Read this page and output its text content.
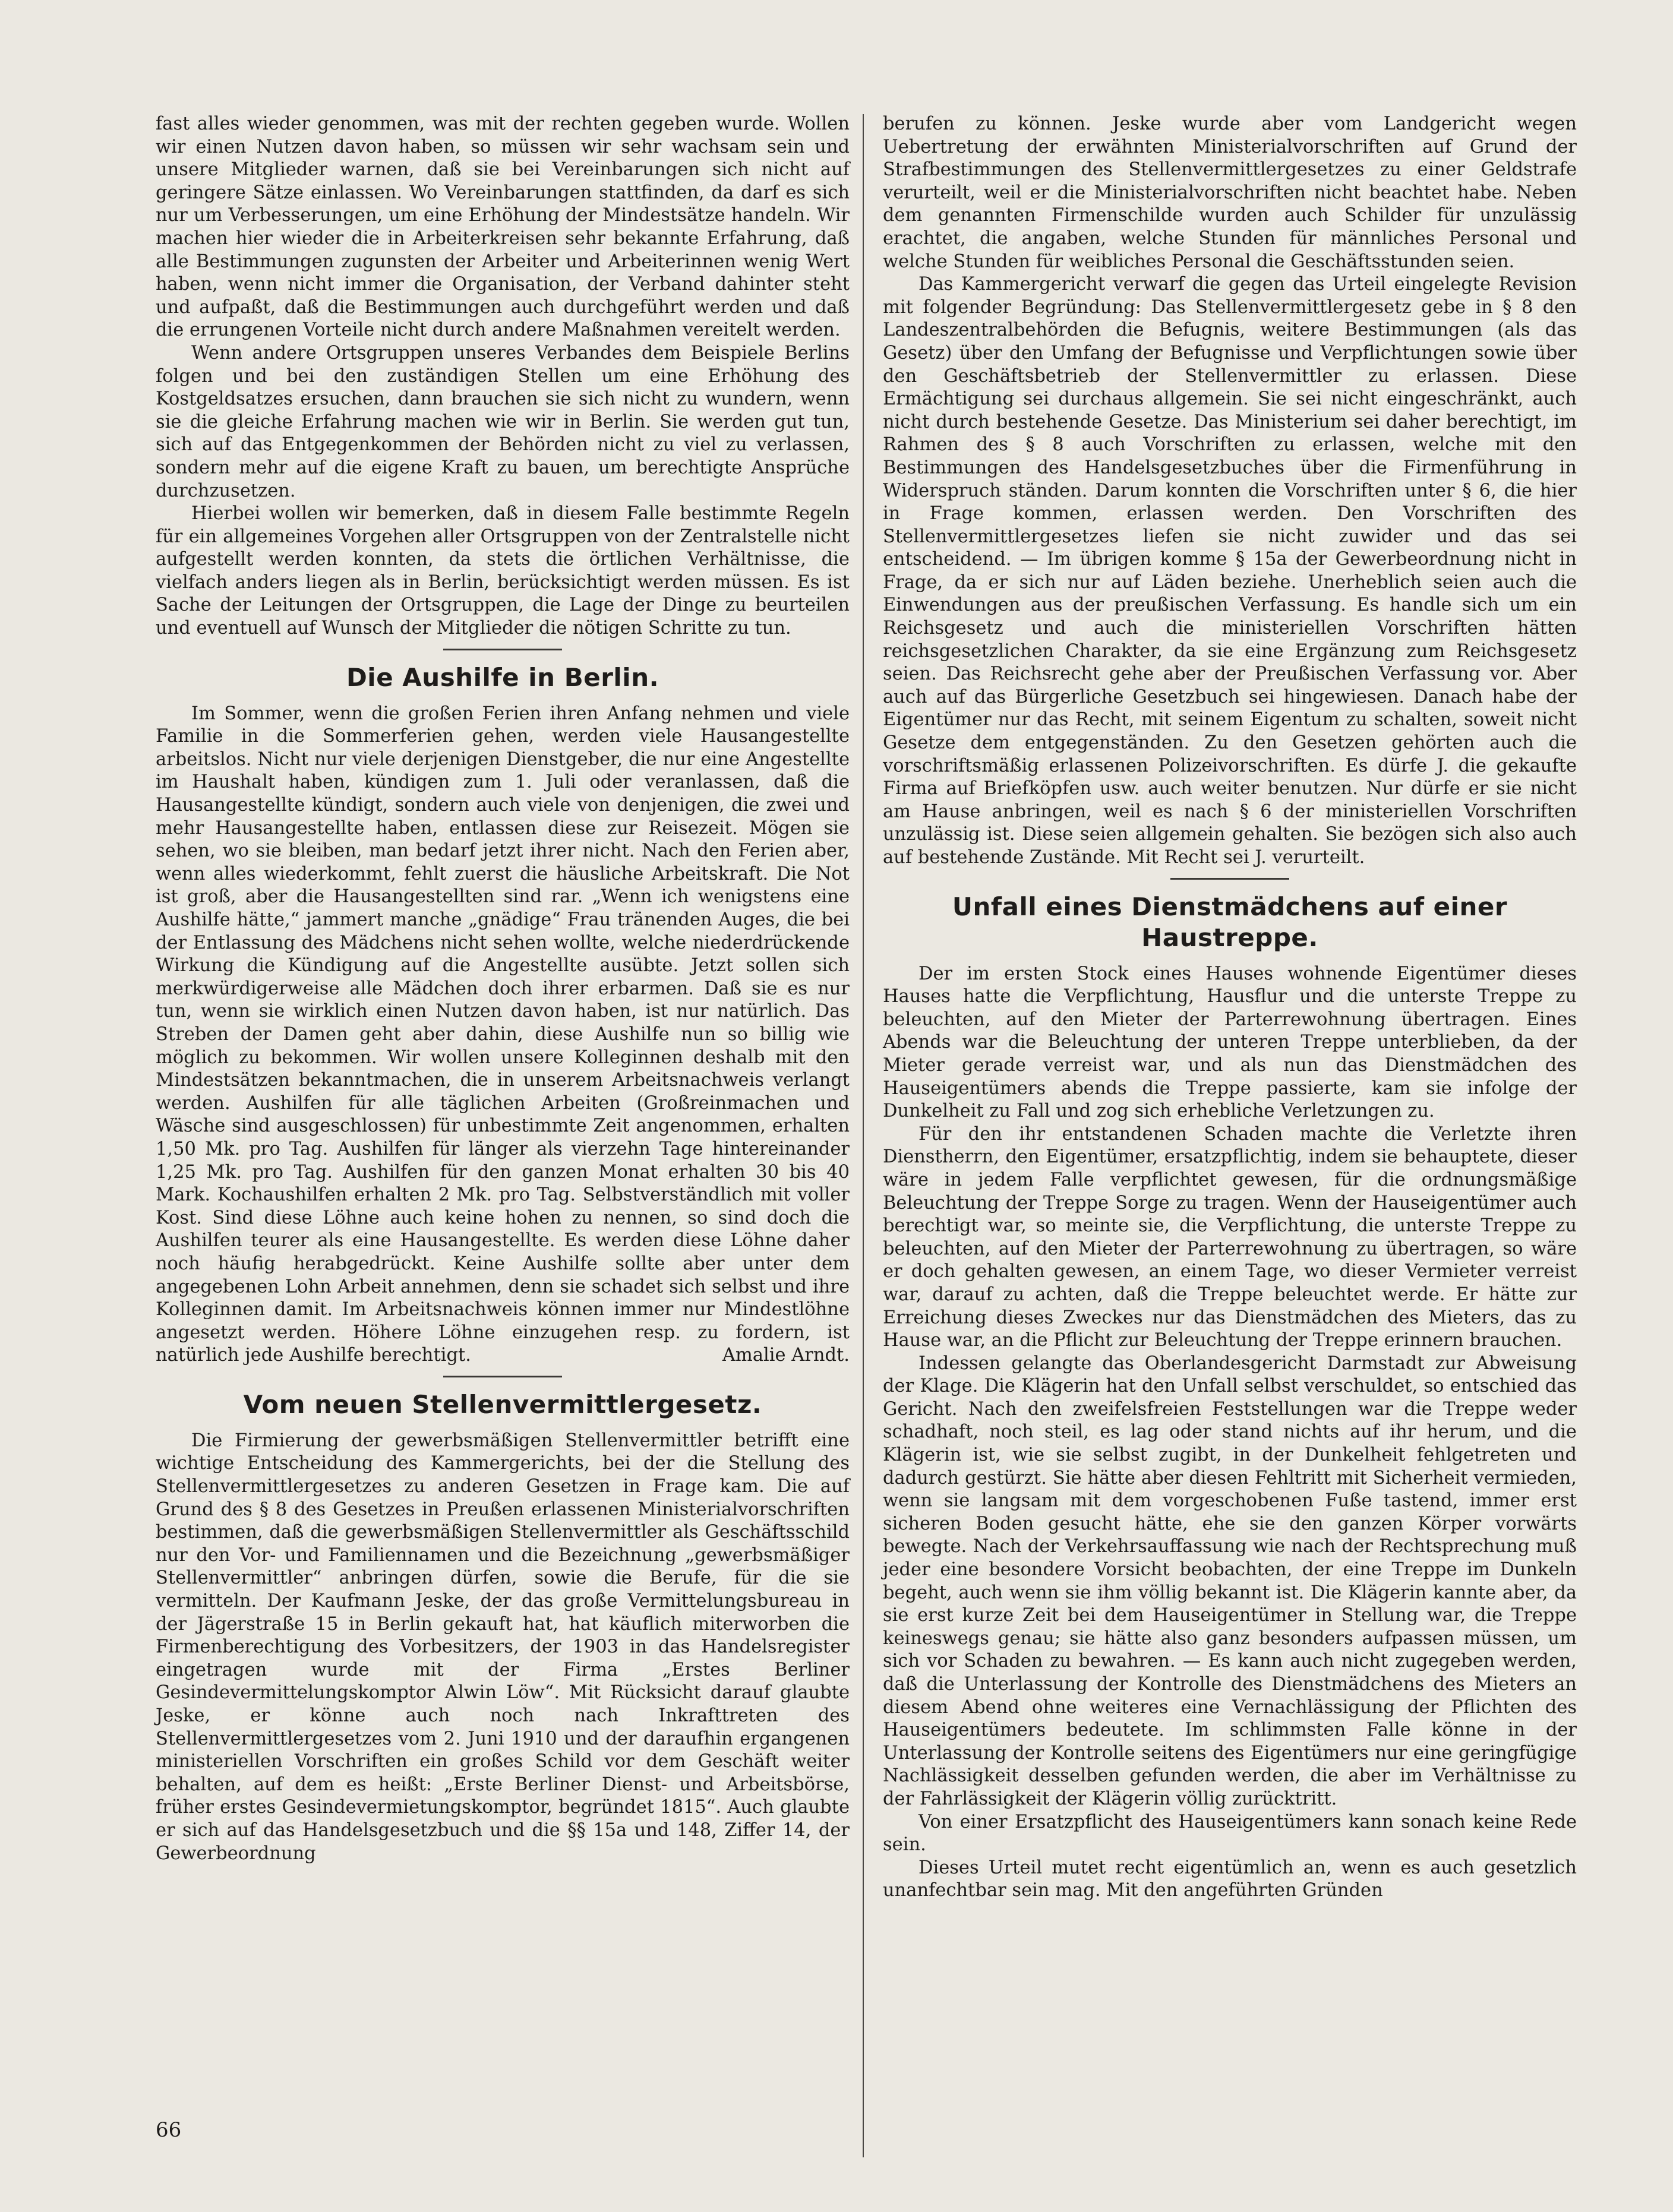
fast alles wieder genommen, was mit der rechten gegeben wurde. Wollen wir einen Nutzen davon haben, so müssen wir sehr wachsam sein und unsere Mitglieder warnen, daß sie bei Vereinbarungen sich nicht auf geringere Sätze einlassen. Wo Vereinbarungen stattfinden, da darf es sich nur um Verbesserungen, um eine Erhöhung der Mindestsätze handeln. Wir machen hier wieder die in Arbeiterkreisen sehr bekannte Erfahrung, daß alle Bestimmungen zugunsten der Arbeiter und Arbeiterinnen wenig Wert haben, wenn nicht immer die Organisation, der Verband dahinter steht und aufpaßt, daß die Bestimmungen auch durchgeführt werden und daß die errungenen Vorteile nicht durch andere Maßnahmen vereitelt werden.

Wenn andere Ortsgruppen unseres Verbandes dem Beispiele Berlins folgen und bei den zuständigen Stellen um eine Erhöhung des Kostgeldsatzes ersuchen, dann brauchen sie sich nicht zu wundern, wenn sie die gleiche Erfahrung machen wie wir in Berlin. Sie werden gut tun, sich auf das Entgegenkommen der Behörden nicht zu viel zu verlassen, sondern mehr auf die eigene Kraft zu bauen, um berechtigte Ansprüche durchzusetzen.

Hierbei wollen wir bemerken, daß in diesem Falle bestimmte Regeln für ein allgemeines Vorgehen aller Ortsgruppen von der Zentralstelle nicht aufgestellt werden konnten, da stets die örtlichen Verhältnisse, die vielfach anders liegen als in Berlin, berücksichtigt werden müssen. Es ist Sache der Leitungen der Ortsgruppen, die Lage der Dinge zu beurteilen und eventuell auf Wunsch der Mitglieder die nötigen Schritte zu tun.

Die Aushilfe in Berlin.

Im Sommer, wenn die großen Ferien ihren Anfang nehmen und viele Familie in die Sommerferien gehen, werden viele Hausangestellte arbeitslos. Nicht nur viele derjenigen Dienstgeber, die nur eine Angestellte im Haushalt haben, kündigen zum 1. Juli oder veranlassen, daß die Hausangestellte kündigt, sondern auch viele von denjenigen, die zwei und mehr Hausangestellte haben, entlassen diese zur Reisezeit. Mögen sie sehen, wo sie bleiben, man bedarf jetzt ihrer nicht. Nach den Ferien aber, wenn alles wiederkommt, fehlt zuerst die häusliche Arbeitskraft. Die Not ist groß, aber die Hausangestellten sind rar. „Wenn ich wenigstens eine Aushilfe hätte,“ jammert manche „gnädige“ Frau tränenden Auges, die bei der Entlassung des Mädchens nicht sehen wollte, welche niederdrückende Wirkung die Kündigung auf die Angestellte ausübte. Jetzt sollen sich merkwürdigerweise alle Mädchen doch ihrer erbarmen. Daß sie es nur tun, wenn sie wirklich einen Nutzen davon haben, ist nur natürlich. Das Streben der Damen geht aber dahin, diese Aushilfe nun so billig wie möglich zu bekommen. Wir wollen unsere Kolleginnen deshalb mit den Mindestsätzen bekanntmachen, die in unserem Arbeitsnachweis verlangt werden. Aushilfen für alle täglichen Arbeiten (Großreinmachen und Wäsche sind ausgeschlossen) für unbestimmte Zeit angenommen, erhalten 1,50 Mk. pro Tag. Aushilfen für länger als vierzehn Tage hintereinander 1,25 Mk. pro Tag. Aushilfen für den ganzen Monat erhalten 30 bis 40 Mark. Kochaushilfen erhalten 2 Mk. pro Tag. Selbstverständlich mit voller Kost. Sind diese Löhne auch keine hohen zu nennen, so sind doch die Aushilfen teurer als eine Hausangestellte. Es werden diese Löhne daher noch häufig herabgedrückt. Keine Aushilfe sollte aber unter dem angegebenen Lohn Arbeit annehmen, denn sie schadet sich selbst und ihre Kolleginnen damit. Im Arbeitsnachweis können immer nur Mindestlöhne angesetzt werden. Höhere Löhne einzugehen resp. zu fordern, ist natürlich jede Aushilfe berechtigt.	Amalie Arndt.

Vom neuen Stellenvermittlergesetz.

Die Firmierung der gewerbsmäßigen Stellenvermittler betrifft eine wichtige Entscheidung des Kammergerichts, bei der die Stellung des Stellenvermittlergesetzes zu anderen Gesetzen in Frage kam. Die auf Grund des § 8 des Gesetzes in Preußen erlassenen Ministerialvorschriften bestimmen, daß die gewerbsmäßigen Stellenvermittler als Geschäftsschild nur den Vor- und Familiennamen und die Bezeichnung „gewerbsmäßiger Stellenvermittler“ anbringen dürfen, sowie die Berufe, für die sie vermitteln. Der Kaufmann Jeske, der das große Vermittelungsbureau in der Jägerstraße 15 in Berlin gekauft hat, hat käuflich miterworben die Firmenberechtigung des Vorbesitzers, der 1903 in das Handelsregister eingetragen wurde mit der Firma „Erstes Berliner Gesindevermittelungskomptor Alwin Löw“. Mit Rücksicht darauf glaubte Jeske, er könne auch noch nach Inkrafttreten des Stellenvermittlergesetzes vom 2. Juni 1910 und der daraufhin ergangenen ministeriellen Vorschriften ein großes Schild vor dem Geschäft weiter behalten, auf dem es heißt: „Erste Berliner Dienst- und Arbeitsbörse, früher erstes Gesindevermietungskomptor, begründet 1815“. Auch glaubte er sich auf das Handelsgesetzbuch und die §§ 15a und 148, Ziffer 14, der Gewerbeordnung

berufen zu können. Jeske wurde aber vom Landgericht wegen Uebertretung der erwähnten Ministerialvorschriften auf Grund der Strafbestimmungen des Stellenvermittlergesetzes zu einer Geldstrafe verurteilt, weil er die Ministerialvorschriften nicht beachtet habe. Neben dem genannten Firmenschilde wurden auch Schilder für unzulässig erachtet, die angaben, welche Stunden für männliches Personal und welche Stunden für weibliches Personal die Geschäftsstunden seien.

Das Kammergericht verwarf die gegen das Urteil eingelegte Revision mit folgender Begründung: Das Stellenvermittlergesetz gebe in § 8 den Landeszentralbehörden die Befugnis, weitere Bestimmungen (als das Gesetz) über den Umfang der Befugnisse und Verpflichtungen sowie über den Geschäftsbetrieb der Stellenvermittler zu erlassen. Diese Ermächtigung sei durchaus allgemein. Sie sei nicht eingeschränkt, auch nicht durch bestehende Gesetze. Das Ministerium sei daher berechtigt, im Rahmen des § 8 auch Vorschriften zu erlassen, welche mit den Bestimmungen des Handelsgesetzbuches über die Firmenführung in Widerspruch ständen. Darum konnten die Vorschriften unter § 6, die hier in Frage kommen, erlassen werden. Den Vorschriften des Stellenvermittlergesetzes liefen sie nicht zuwider und das sei entscheidend. — Im übrigen komme § 15a der Gewerbeordnung nicht in Frage, da er sich nur auf Läden beziehe. Unerheblich seien auch die Einwendungen aus der preußischen Verfassung. Es handle sich um ein Reichsgesetz und auch die ministeriellen Vorschriften hätten reichsgesetzlichen Charakter, da sie eine Ergänzung zum Reichsgesetz seien. Das Reichsrecht gehe aber der Preußischen Verfassung vor. Aber auch auf das Bürgerliche Gesetzbuch sei hingewiesen. Danach habe der Eigentümer nur das Recht, mit seinem Eigentum zu schalten, soweit nicht Gesetze dem entgegenständen. Zu den Gesetzen gehörten auch die vorschriftsmäßig erlassenen Polizeivorschriften. Es dürfe J. die gekaufte Firma auf Briefköpfen usw. auch weiter benutzen. Nur dürfe er sie nicht am Hause anbringen, weil es nach § 6 der ministeriellen Vorschriften unzulässig ist. Diese seien allgemein gehalten. Sie bezögen sich also auch auf bestehende Zustände. Mit Recht sei J. verurteilt.

Unfall eines Dienstmädchens auf einer Haustreppe.

Der im ersten Stock eines Hauses wohnende Eigentümer dieses Hauses hatte die Verpflichtung, Hausflur und die unterste Treppe zu beleuchten, auf den Mieter der Parterrewohnung übertragen. Eines Abends war die Beleuchtung der unteren Treppe unterblieben, da der Mieter gerade verreist war, und als nun das Dienstmädchen des Hauseigentümers abends die Treppe passierte, kam sie infolge der Dunkelheit zu Fall und zog sich erhebliche Verletzungen zu.

Für den ihr entstandenen Schaden machte die Verletzte ihren Dienstherrn, den Eigentümer, ersatzpflichtig, indem sie behauptete, dieser wäre in jedem Falle verpflichtet gewesen, für die ordnungsmäßige Beleuchtung der Treppe Sorge zu tragen. Wenn der Hauseigentümer auch berechtigt war, so meinte sie, die Verpflichtung, die unterste Treppe zu beleuchten, auf den Mieter der Parterrewohnung zu übertragen, so wäre er doch gehalten gewesen, an einem Tage, wo dieser Vermieter verreist war, darauf zu achten, daß die Treppe beleuchtet werde. Er hätte zur Erreichung dieses Zweckes nur das Dienstmädchen des Mieters, das zu Hause war, an die Pflicht zur Beleuchtung der Treppe erinnern brauchen.

Indessen gelangte das Oberlandesgericht Darmstadt zur Abweisung der Klage. Die Klägerin hat den Unfall selbst verschuldet, so entschied das Gericht. Nach den zweifelsfreien Feststellungen war die Treppe weder schadhaft, noch steil, es lag oder stand nichts auf ihr herum, und die Klägerin ist, wie sie selbst zugibt, in der Dunkelheit fehlgetreten und dadurch gestürzt. Sie hätte aber diesen Fehltritt mit Sicherheit vermieden, wenn sie langsam mit dem vorgeschobenen Fuße tastend, immer erst sicheren Boden gesucht hätte, ehe sie den ganzen Körper vorwärts bewegte. Nach der Verkehrsauffassung wie nach der Rechtsprechung muß jeder eine besondere Vorsicht beobachten, der eine Treppe im Dunkeln begeht, auch wenn sie ihm völlig bekannt ist. Die Klägerin kannte aber, da sie erst kurze Zeit bei dem Hauseigentümer in Stellung war, die Treppe keineswegs genau; sie hätte also ganz besonders aufpassen müssen, um sich vor Schaden zu bewahren. — Es kann auch nicht zugegeben werden, daß die Unterlassung der Kontrolle des Dienstmädchens des Mieters an diesem Abend ohne weiteres eine Vernachlässigung der Pflichten des Hauseigentümers bedeutete. Im schlimmsten Falle könne in der Unterlassung der Kontrolle seitens des Eigentümers nur eine geringfügige Nachlässigkeit desselben gefunden werden, die aber im Verhältnisse zu der Fahrlässigkeit der Klägerin völlig zurücktritt.

Von einer Ersatzpflicht des Hauseigentümers kann sonach keine Rede sein.

Dieses Urteil mutet recht eigentümlich an, wenn es auch gesetzlich unanfechtbar sein mag. Mit den angeführten Gründen

66
